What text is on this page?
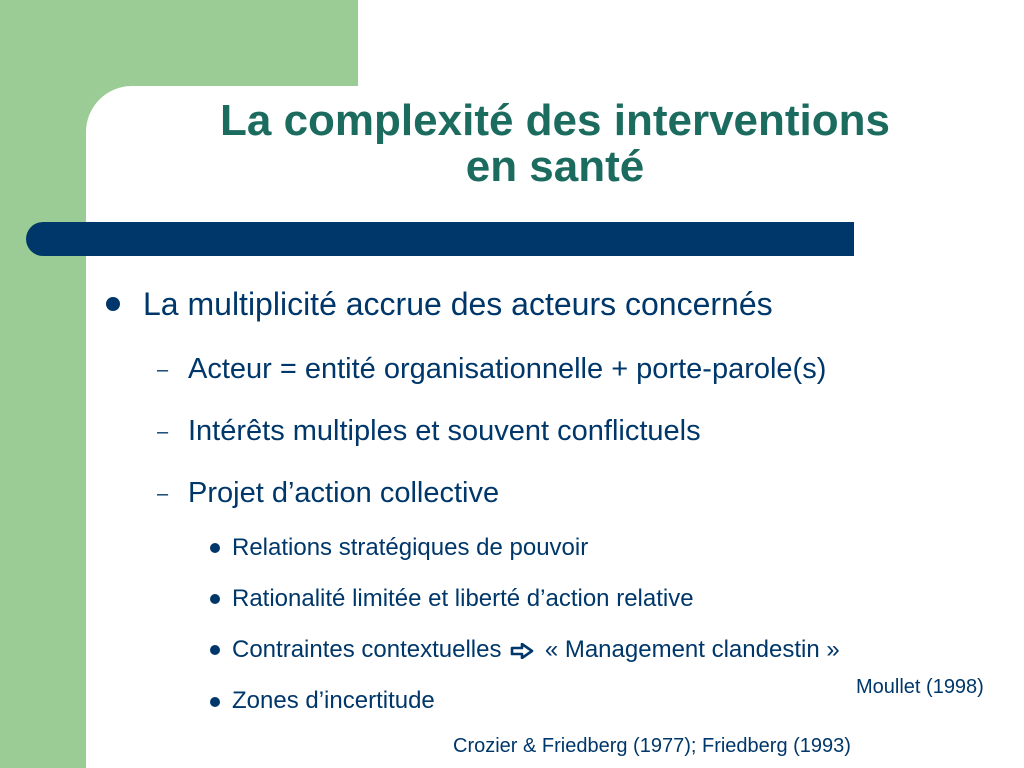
La complexité des interventions
en santé
La multiplicité accrue des acteurs concernés
– Acteur = entité organisationnelle + porte-parole(s)
– Intérêts multiples et souvent conflictuels
– Projet d’action collective
Relations stratégiques de pouvoir
Rationalité limitée et liberté d’action relative
Contraintes contextuelles « Management clandestin »
Zones d’incertitude	Moullet (1998)
Crozier & Friedberg (1977); Friedberg (1993)
